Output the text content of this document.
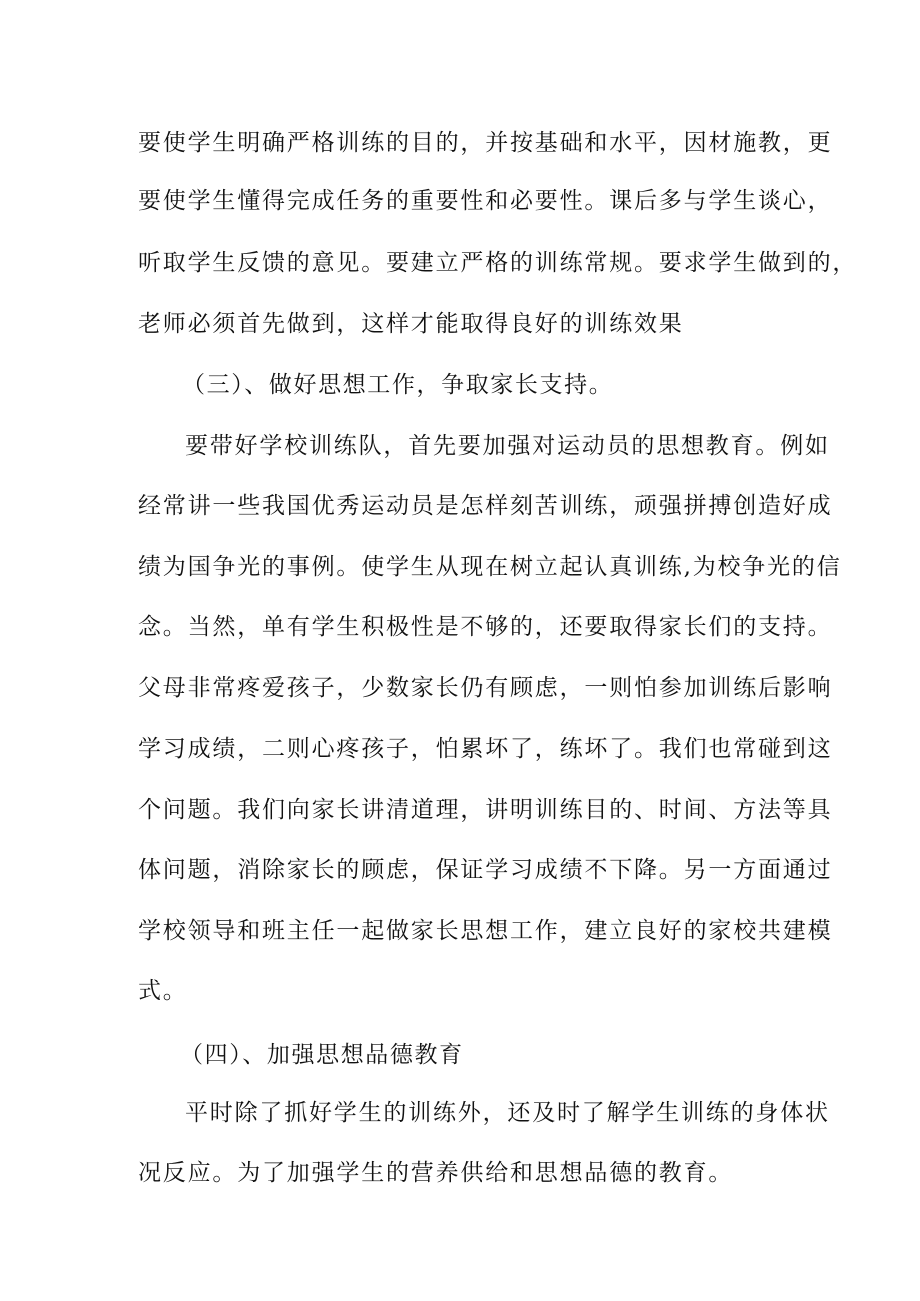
要使学生明确严格训练的目的，并按基础和水平，因材施教，更
要使学生懂得完成任务的重要性和必要性。课后多与学生谈心，
听取学生反馈的意见。要建立严格的训练常规。要求学生做到的，
老师必须首先做到，这样才能取得良好的训练效果
（三）、做好思想工作，争取家长支持。
要带好学校训练队，首先要加强对运动员的思想教育。例如
经常讲一些我国优秀运动员是怎样刻苦训练，顽强拼搏创造好成
绩为国争光的事例。使学生从现在树立起认真训练,为校争光的信
念。当然，单有学生积极性是不够的，还要取得家长们的支持。
父母非常疼爱孩子，少数家长仍有顾虑，一则怕参加训练后影响
学习成绩，二则心疼孩子，怕累坏了，练坏了。我们也常碰到这
个问题。我们向家长讲清道理，讲明训练目的、时间、方法等具
体问题，消除家长的顾虑，保证学习成绩不下降。另一方面通过
学校领导和班主任一起做家长思想工作，建立良好的家校共建模
式。
（四）、加强思想品德教育
平时除了抓好学生的训练外，还及时了解学生训练的身体状
况反应。为了加强学生的营养供给和思想品德的教育。
